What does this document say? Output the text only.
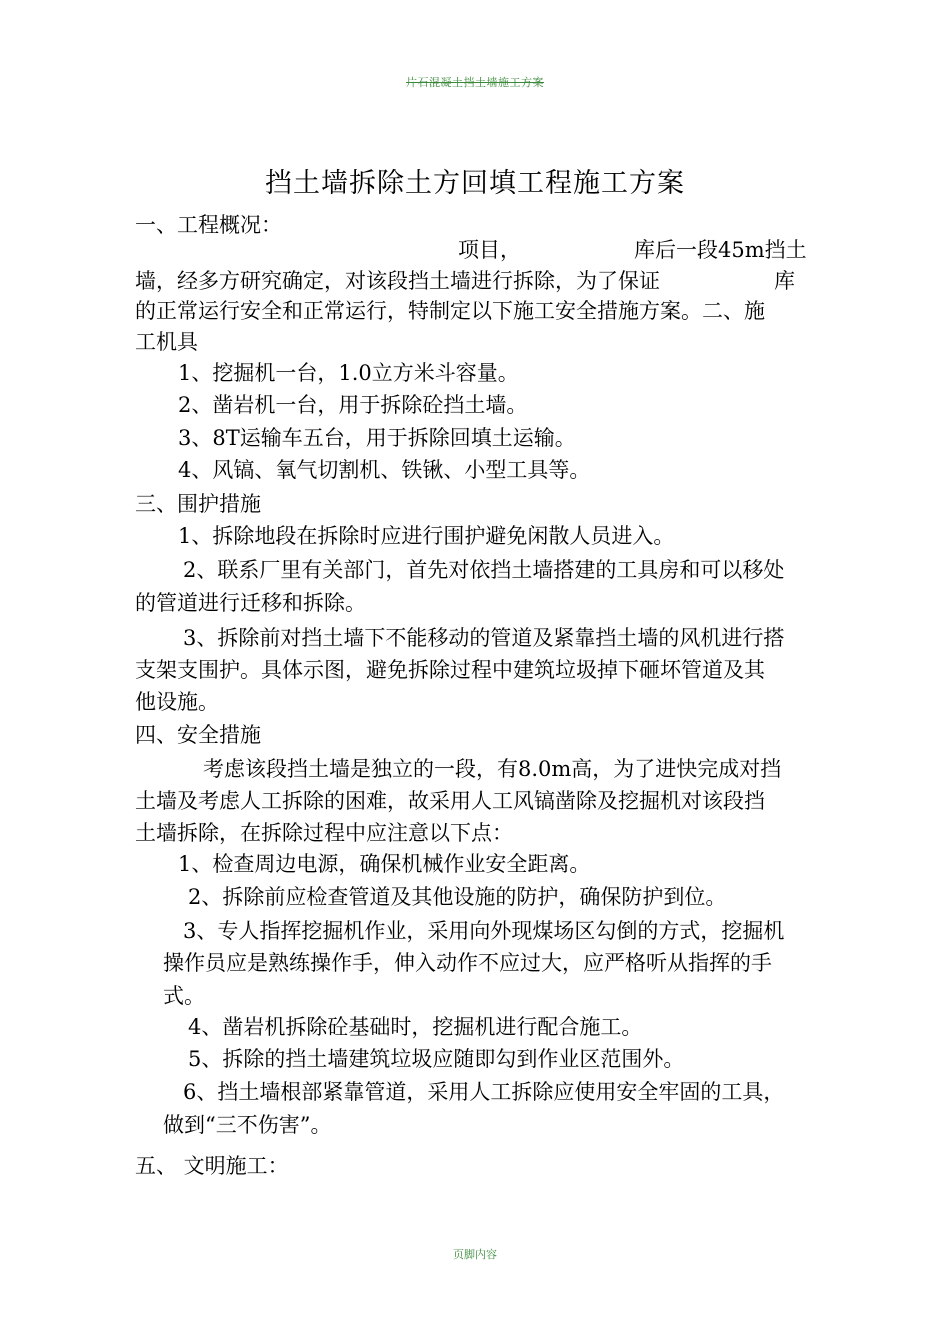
片石混凝土挡土墙施工方案
挡土墙拆除土方回填工程施工方案
一、工程概况：
项目，	库后一段45m挡土
墙，经多方研究确定，对该段挡土墙进行拆除，为了保证	库
的正常运行安全和正常运行，特制定以下施工安全措施方案。二、施
工机具
1、挖掘机一台，1.0立方米斗容量。
2、凿岩机一台，用于拆除砼挡土墙。
3、8T运输车五台，用于拆除回填土运输。
4、风镐、氧气切割机、铁锹、小型工具等。
三、围护措施
1、拆除地段在拆除时应进行围护避免闲散人员进入。
2、联系厂里有关部门，首先对依挡土墙搭建的工具房和可以移处
的管道进行迁移和拆除。
3、拆除前对挡土墙下不能移动的管道及紧靠挡土墙的风机进行搭
支架支围护。具体示图，避免拆除过程中建筑垃圾掉下砸坏管道及其
他设施。
四、安全措施
考虑该段挡土墙是独立的一段，有8.0m高，为了进快完成对挡
土墙及考虑人工拆除的困难，故采用人工风镐凿除及挖掘机对该段挡
土墙拆除，在拆除过程中应注意以下点：
1、检查周边电源，确保机械作业安全距离。
2、拆除前应检查管道及其他设施的防护，确保防护到位。
3、专人指挥挖掘机作业，采用向外现煤场区勾倒的方式，挖掘机
操作员应是熟练操作手，伸入动作不应过大，应严格听从指挥的手
式。
4、凿岩机拆除砼基础时，挖掘机进行配合施工。
5、拆除的挡土墙建筑垃圾应随即勾到作业区范围外。
6、挡土墙根部紧靠管道，采用人工拆除应使用安全牢固的工具，
做到“三不伤害”。
五、 文明施工：
页脚内容
